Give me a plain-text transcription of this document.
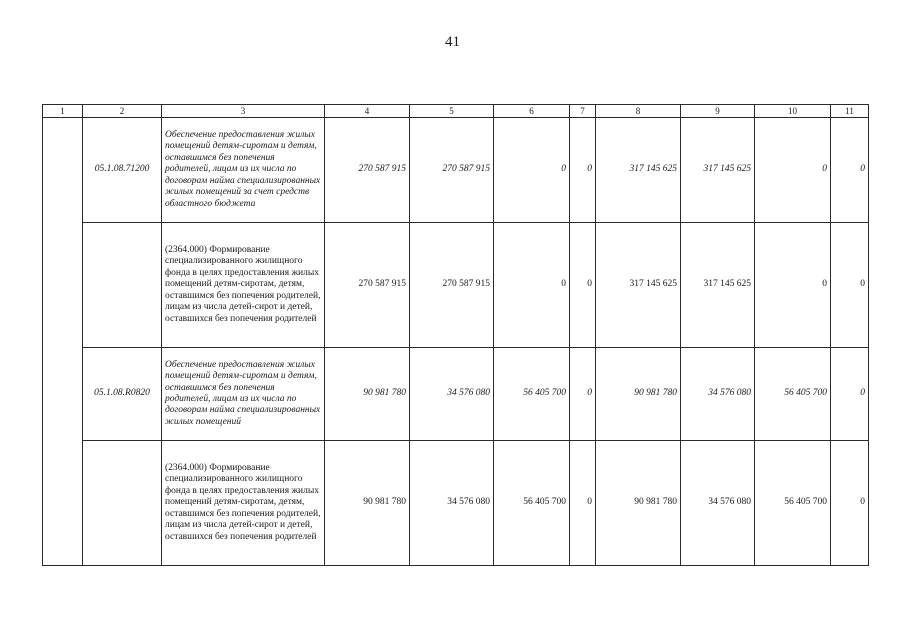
41
1	2	3	4	5	6	7	8	9	10	11
	05.1.08.71200	Обеспечение предоставления жилых помещений детям-сиротам и детям, оставшимся без попечения родителей, лицам из их числа по договорам найма специализированных жилых помещений за счет средств областного бюджета	270 587 915	270 587 915	0	0	317 145 625	317 145 625	0	0
		(2364.000) Формирование специализированного жилищного фонда в целях предоставления жилых помещений детям-сиротам, детям, оставшимся без попечения родителей, лицам из числа детей-сирот и детей, оставшихся без попечения родителей	270 587 915	270 587 915	0	0	317 145 625	317 145 625	0	0
	05.1.08.R0820	Обеспечение предоставления жилых помещений детям-сиротам и детям, оставшимся без попечения родителей, лицам из их числа по договорам найма специализированных жилых помещений	90 981 780	34 576 080	56 405 700	0	90 981 780	34 576 080	56 405 700	0
		(2364.000) Формирование специализированного жилищного фонда в целях предоставления жилых помещений детям-сиротам, детям, оставшимся без попечения родителей, лицам из числа детей-сирот и детей, оставшихся без попечения родителей	90 981 780	34 576 080	56 405 700	0	90 981 780	34 576 080	56 405 700	0
